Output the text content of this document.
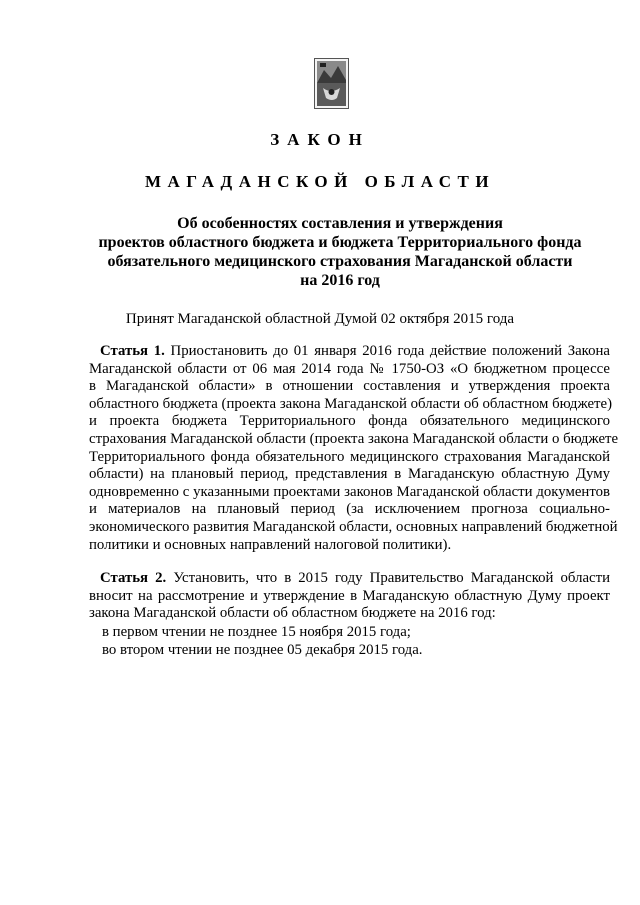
ЗАКОН
МАГАДАНСКОЙ ОБЛАСТИ
Об особенностях составления и утверждения
проектов областного бюджета и бюджета Территориального фонда
обязательного медицинского страхования Магаданской области
на 2016 год
Принят Магаданской областной Думой 02 октября 2015 года
Статья 1. Приостановить до 01 января 2016 года действие положений Закона
Магаданской области от 06 мая 2014 года № 1750-ОЗ «О бюджетном процессе
в Магаданской области» в отношении составления и утверждения проекта
областного бюджета (проекта закона Магаданской области об областном бюджете)
и проекта бюджета Территориального фонда обязательного медицинского
страхования Магаданской области (проекта закона Магаданской области о бюджете
Территориального фонда обязательного медицинского страхования Магаданской
области) на плановый период, представления в Магаданскую областную Думу
одновременно с указанными проектами законов Магаданской области документов
и материалов на плановый период (за исключением прогноза социально-
экономического развития Магаданской области, основных направлений бюджетной
политики и основных направлений налоговой политики).
Статья 2. Установить, что в 2015 году Правительство Магаданской области
вносит на рассмотрение и утверждение в Магаданскую областную Думу проект
закона Магаданской области об областном бюджете на 2016 год:
в первом чтении не позднее 15 ноября 2015 года;
во втором чтении не позднее 05 декабря 2015 года.
